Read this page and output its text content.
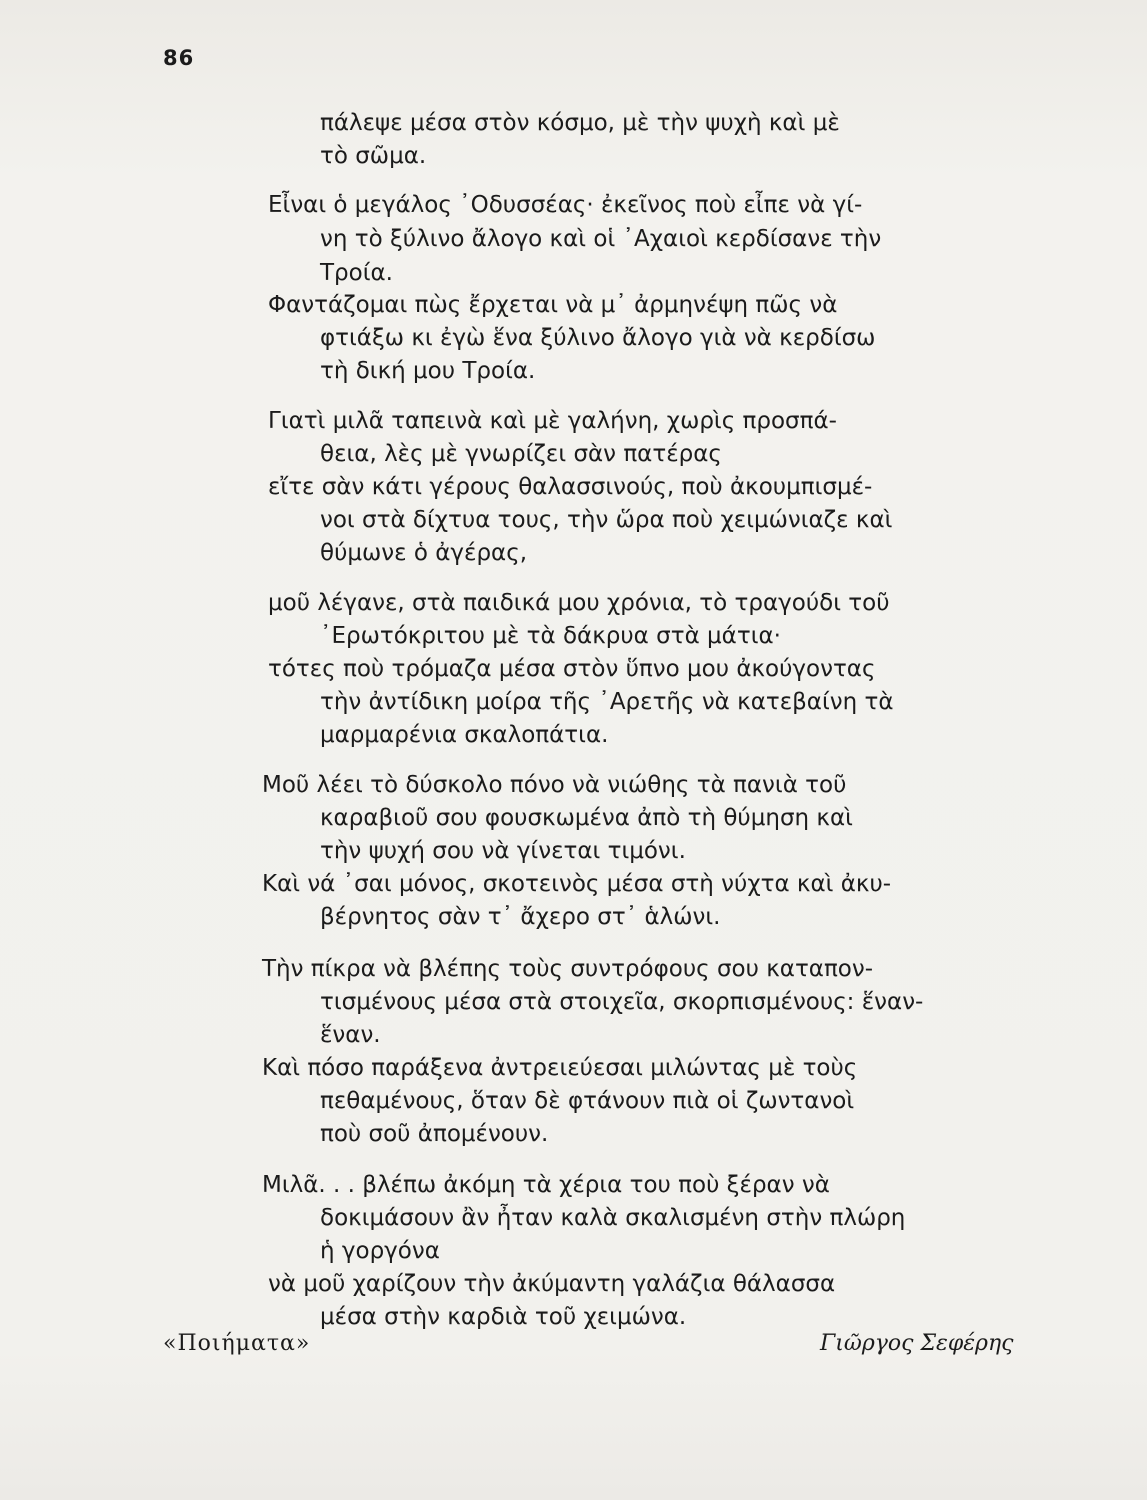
86
πάλεψε μέσα στὸν κόσμο, μὲ τὴν ψυχὴ καὶ μὲ
τὸ σῶμα.
Εἶναι ὁ μεγάλος ᾿Οδυσσέας· ἐκεῖνος ποὺ εἶπε νὰ γί-
νη τὸ ξύλινο ἄλογο καὶ οἱ ᾿Αχαιοὶ κερδίσανε τὴν
Τροία.
Φαντάζομαι πὼς ἔρχεται νὰ μ᾿ ἀρμηνέψη πῶς νὰ
φτιάξω κι ἐγὼ ἕνα ξύλινο ἄλογο γιὰ νὰ κερδίσω
τὴ δική μου Τροία.
Γιατὶ μιλᾶ ταπεινὰ καὶ μὲ γαλήνη, χωρὶς προσπά-
θεια, λὲς μὲ γνωρίζει σὰν πατέρας
εἴτε σὰν κάτι γέρους θαλασσινούς, ποὺ ἀκουμπισμέ-
νοι στὰ δίχτυα τους, τὴν ὥρα ποὺ χειμώνιαζε καὶ
θύμωνε ὁ ἀγέρας,
μοῦ λέγανε, στὰ παιδικά μου χρόνια, τὸ τραγούδι τοῦ
᾿Ερωτόκριτου μὲ τὰ δάκρυα στὰ μάτια·
τότες ποὺ τρόμαζα μέσα στὸν ὕπνο μου ἀκούγοντας
τὴν ἀντίδικη μοίρα τῆς ᾿Αρετῆς νὰ κατεβαίνη τὰ
μαρμαρένια σκαλοπάτια.
Μοῦ λέει τὸ δύσκολο πόνο νὰ νιώθης τὰ πανιὰ τοῦ
καραβιοῦ σου φουσκωμένα ἀπὸ τὴ θύμηση καὶ
τὴν ψυχή σου νὰ γίνεται τιμόνι.
Καὶ νά ᾿σαι μόνος, σκοτεινὸς μέσα στὴ νύχτα καὶ ἀκυ-
βέρνητος σὰν τ᾿ ἄχερο στ᾿ ἁλώνι.
Τὴν πίκρα νὰ βλέπης τοὺς συντρόφους σου καταπον-
τισμένους μέσα στὰ στοιχεῖα, σκορπισμένους: ἕναν-
ἕναν.
Καὶ πόσο παράξενα ἀντρειεύεσαι μιλώντας μὲ τοὺς
πεθαμένους, ὅταν δὲ φτάνουν πιὰ οἱ ζωντανοὶ
ποὺ σοῦ ἀπομένουν.
Μιλᾶ. . . βλέπω ἀκόμη τὰ χέρια του ποὺ ξέραν νὰ
δοκιμάσουν ἂν ἦταν καλὰ σκαλισμένη στὴν πλώρη
ἡ γοργόνα
νὰ μοῦ χαρίζουν τὴν ἀκύμαντη γαλάζια θάλασσα
μέσα στὴν καρδιὰ τοῦ χειμώνα.
«Ποιήματα»	Γιῶργος Σεφέρης
